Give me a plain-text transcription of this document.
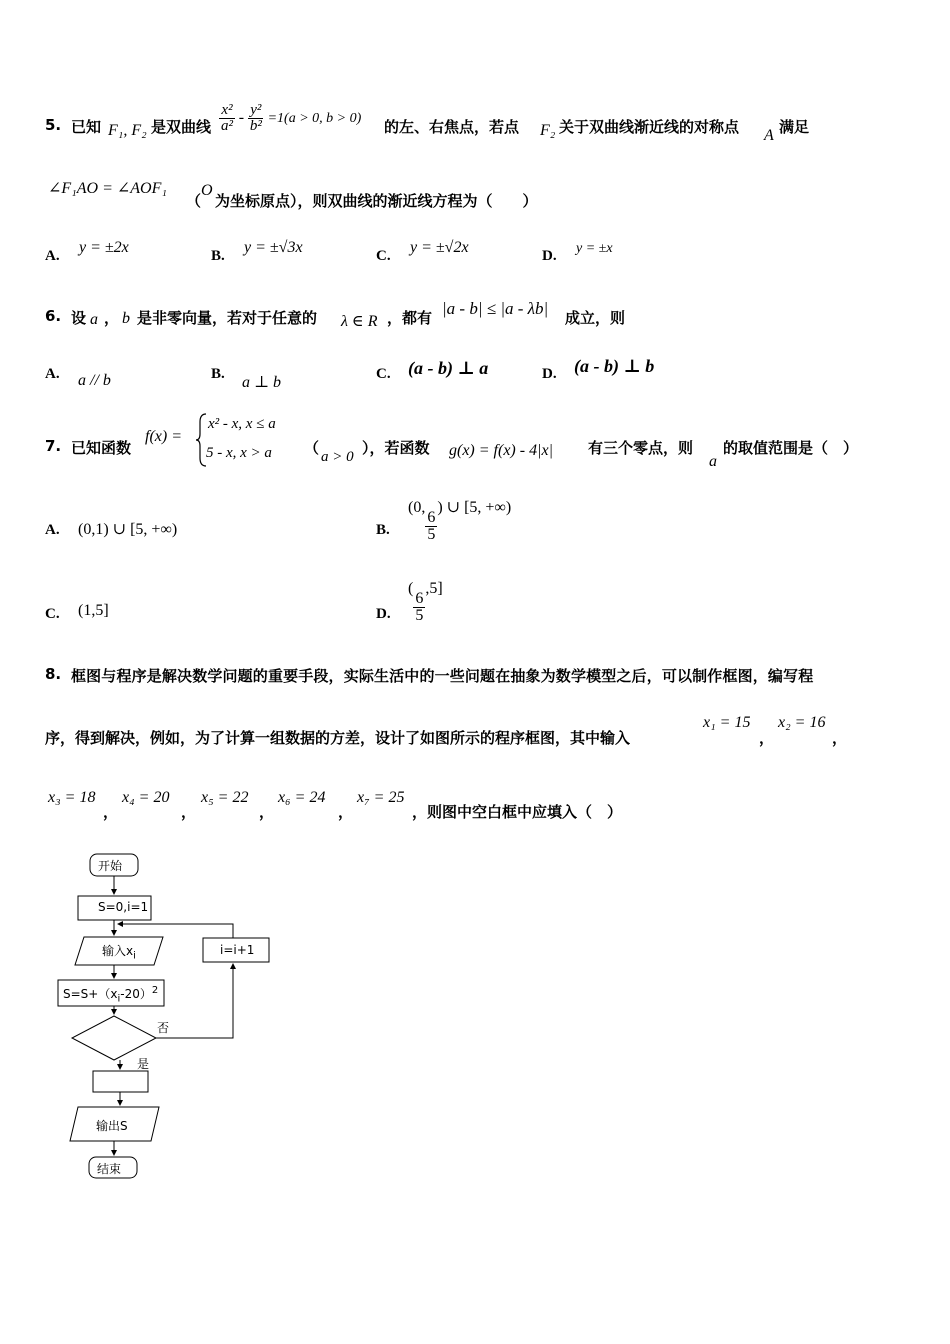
5. 已知 F₁, F₂ 是双曲线 $\frac{\text{x²}}{\text{a²}} - \frac{\text{y²}}{\text{b²}} =1(a > 0$, b > 0) 的左、右焦点，若点 F₂ 关于双曲线渐近线的对称点 A 满足
∠F₁AO = ∠AOF₁
（
O
为坐标原点），则双曲线的渐近线方程为（　　）
A. y = ±2x	B. y = ±√3x	C. y = ±√2x	D. y = ±x
6. 设 a ， b 是非零向量，若对于任意的 λ ∈ R ，都有 |a - b| ≤ |a - λb| 成立，则
A. a // b	B. a ⊥ b	C. (a - b) ⊥ a	D. (a - b) ⊥ b
7. 已知函数
f(x) =
x² - x, x ≤ a
5 - x, x > a （ a > 0 ），若函数 g(x) = f(x) - 4|x| 有三个零点，则
a
的取值范围是（　）
A. (0,1) ∪ [5, +∞)	B.
(0,
$\frac{6}{5}$
) ∪ [5, +∞)
C. (1,5]	D.
(
$\frac{6}{5}$
,5]
8. 框图与程序是解决数学问题的重要手段，实际生活中的一些问题在抽象为数学模型之后，可以制作框图，编写程
序，得到解决，例如，为了计算一组数据的方差，设计了如图所示的程序框图，其中输入
x₁ = 15
，
x₂ = 16
，
x₃ = 18
，
x₄ = 20
，
x₅ = 22
，
x₆ = 24
，
x₇ = 25
，则图中空白框中应填入（　）
开始
S=0,i=1
输入$x_i$
$S=S+(x_i-20)^2$
i=i+1
否
是
输出S
结束
